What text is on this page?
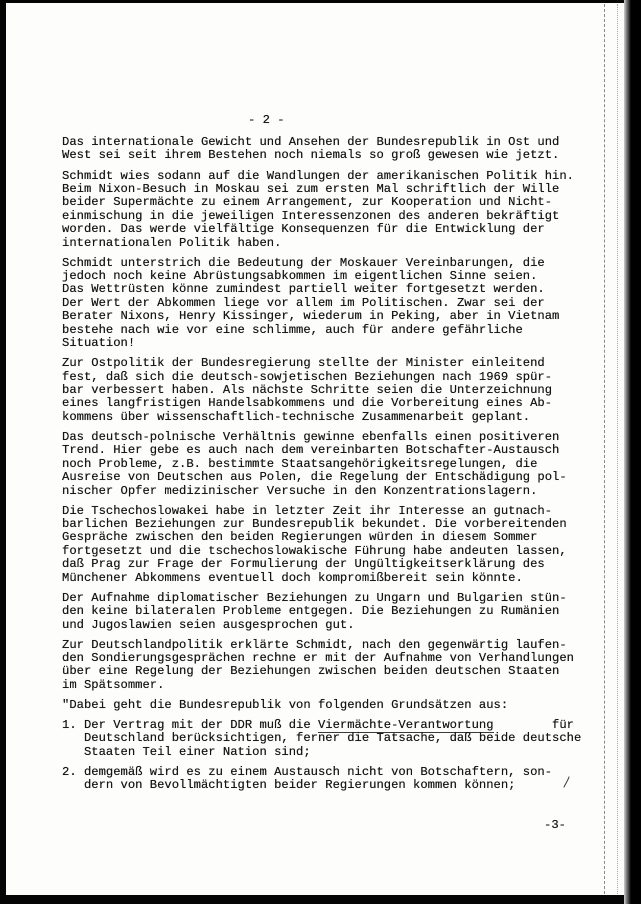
- 2 -

Das internationale Gewicht und Ansehen der Bundesrepublik in Ost und
West sei seit ihrem Bestehen noch niemals so groß gewesen wie jetzt.

Schmidt wies sodann auf die Wandlungen der amerikanischen Politik hin.
Beim Nixon-Besuch in Moskau sei zum ersten Mal schriftlich der Wille
beider Supermächte zu einem Arrangement, zur Kooperation und Nicht-
einmischung in die jeweiligen Interessenzonen des anderen bekräftigt
worden. Das werde vielfältige Konsequenzen für die Entwicklung der
internationalen Politik haben.

Schmidt unterstrich die Bedeutung der Moskauer Vereinbarungen, die
jedoch noch keine Abrüstungsabkommen im eigentlichen Sinne seien.
Das Wettrüsten könne zumindest partiell weiter fortgesetzt werden.
Der Wert der Abkommen liege vor allem im Politischen. Zwar sei der
Berater Nixons, Henry Kissinger, wiederum in Peking, aber in Vietnam
bestehe nach wie vor eine schlimme, auch für andere gefährliche
Situation!

Zur Ostpolitik der Bundesregierung stellte der Minister einleitend
fest, daß sich die deutsch-sowjetischen Beziehungen nach 1969 spür-
bar verbessert haben. Als nächste Schritte seien die Unterzeichnung
eines langfristigen Handelsabkommens und die Vorbereitung eines Ab-
kommens über wissenschaftlich-technische Zusammenarbeit geplant.

Das deutsch-polnische Verhältnis gewinne ebenfalls einen positiveren
Trend. Hier gebe es auch nach dem vereinbarten Botschafter-Austausch
noch Probleme, z.B. bestimmte Staatsangehörigkeitsregelungen, die
Ausreise von Deutschen aus Polen, die Regelung der Entschädigung pol-
nischer Opfer medizinischer Versuche in den Konzentrationslagern.

Die Tschechoslowakei habe in letzter Zeit ihr Interesse an gutnach-
barlichen Beziehungen zur Bundesrepublik bekundet. Die vorbereitenden
Gespräche zwischen den beiden Regierungen würden in diesem Sommer
fortgesetzt und die tschechoslowakische Führung habe andeuten lassen,
daß Prag zur Frage der Formulierung der Ungültigkeitserklärung des
Münchener Abkommens eventuell doch kompromißbereit sein könnte.

Der Aufnahme diplomatischer Beziehungen zu Ungarn und Bulgarien stün-
den keine bilateralen Probleme entgegen. Die Beziehungen zu Rumänien
und Jugoslawien seien ausgesprochen gut.

Zur Deutschlandpolitik erklärte Schmidt, nach den gegenwärtig laufen-
den Sondierungsgesprächen rechne er mit der Aufnahme von Verhandlungen
über eine Regelung der Beziehungen zwischen beiden deutschen Staaten
im Spätsommer.

"Dabei geht die Bundesrepublik von folgenden Grundsätzen aus:

1. Der Vertrag mit der DDR muß die Viermächte-Verantwortung	für
Deutschland berücksichtigen, ferner die Tatsache, daß beide deutsche
Staaten Teil einer Nation sind;
2. demgemäß wird es zu einem Austausch nicht von Botschaftern, son-
dern von Bevollmächtigten beider Regierungen kommen können;
-3-
